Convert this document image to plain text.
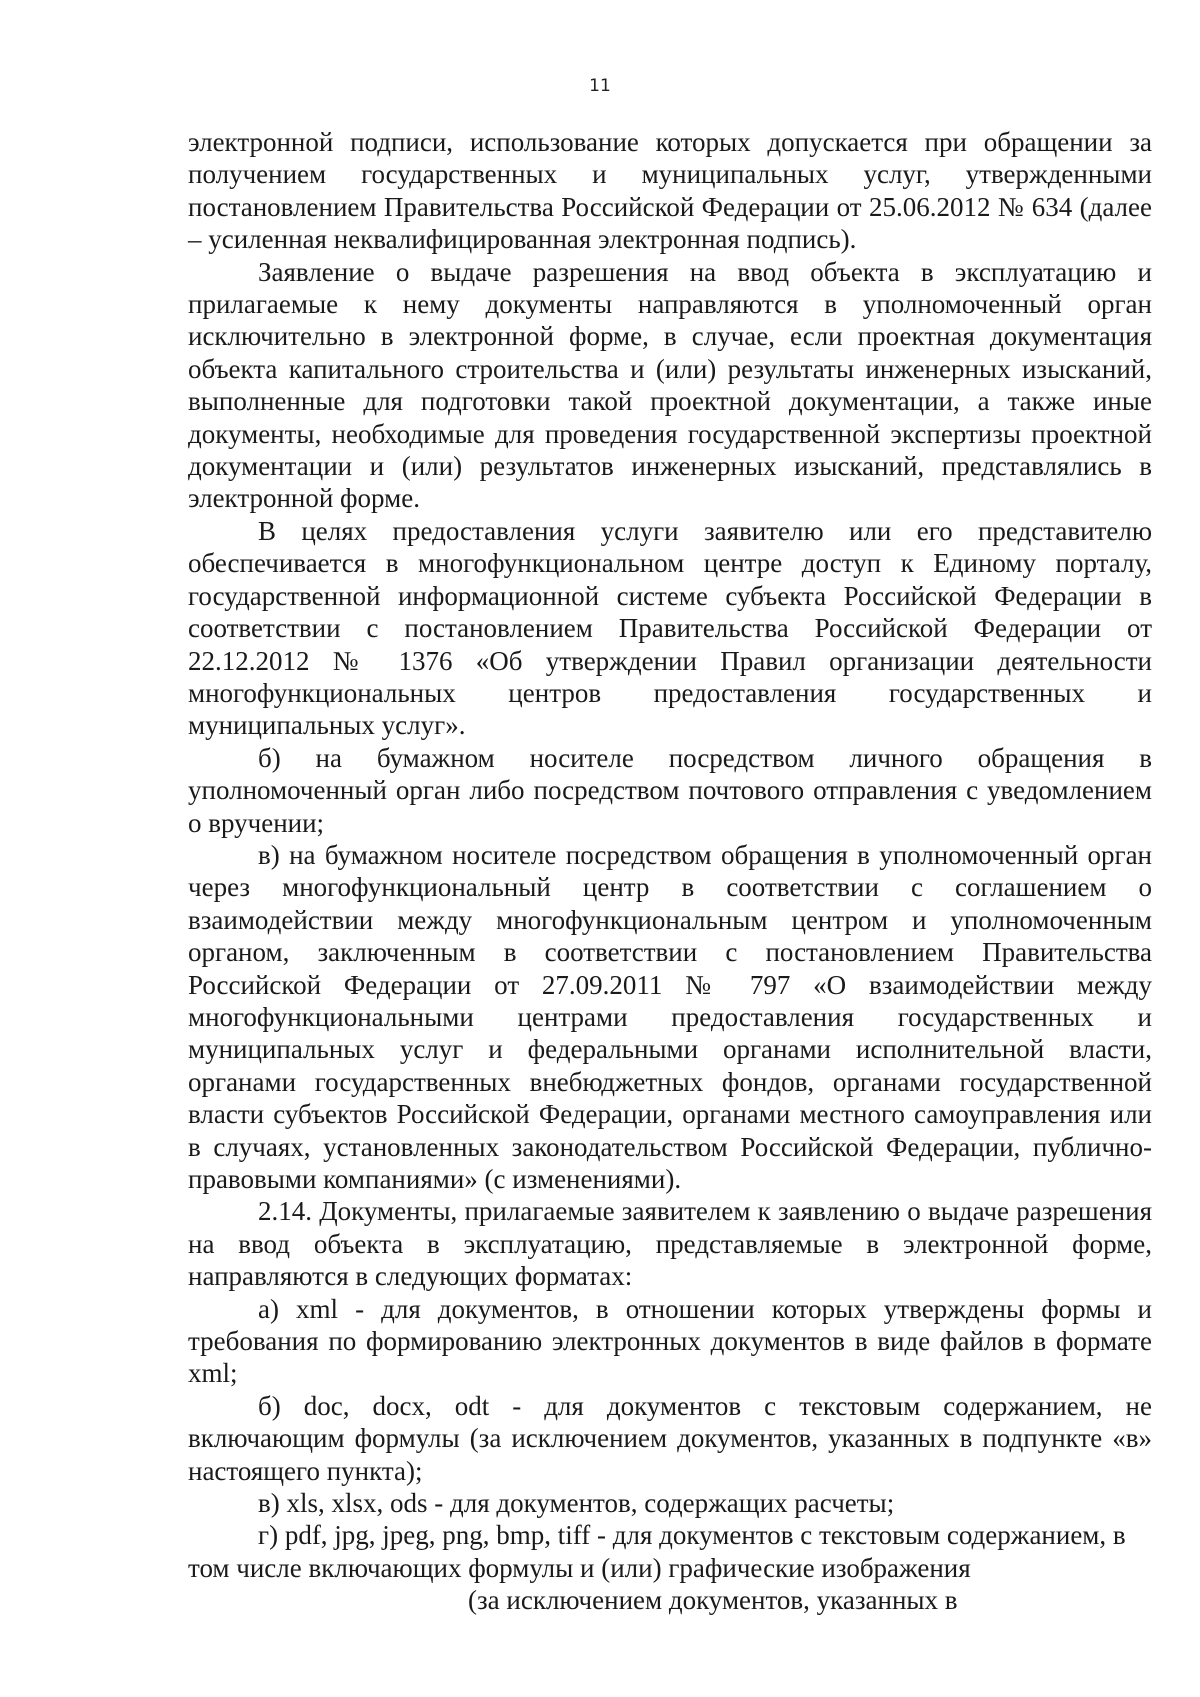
11

электронной подписи, использование которых допускается при обращении за получением государственных и муниципальных услуг, утвержденными постановлением Правительства Российской Федерации от 25.06.2012 № 634 (далее – усиленная неквалифицированная электронная подпись).

Заявление о выдаче разрешения на ввод объекта в эксплуатацию и прилагаемые к нему документы направляются в уполномоченный орган исключительно в электронной форме, в случае, если проектная документация объекта капитального строительства и (или) результаты инженерных изысканий, выполненные для подготовки такой проектной документации, а также иные документы, необходимые для проведения государственной экспертизы проектной документации и (или) результатов инженерных изысканий, представлялись в электронной форме.

В целях предоставления услуги заявителю или его представителю обеспечивается в многофункциональном центре доступ к Единому порталу, государственной информационной системе субъекта Российской Федерации в соответствии с постановлением Правительства Российской Федерации от 22.12.2012 № 1376 «Об утверждении Правил организации деятельности многофункциональных центров предоставления государственных и муниципальных услуг».

б) на бумажном носителе посредством личного обращения в уполномоченный орган либо посредством почтового отправления с уведомлением о вручении;

в) на бумажном носителе посредством обращения в уполномоченный орган через многофункциональный центр в соответствии с соглашением о взаимодействии между многофункциональным центром и уполномоченным органом, заключенным в соответствии с постановлением Правительства Российской Федерации от 27.09.2011 № 797 «О взаимодействии между многофункциональными центрами предоставления государственных и муниципальных услуг и федеральными органами исполнительной власти, органами государственных внебюджетных фондов, органами государственной власти субъектов Российской Федерации, органами местного самоуправления или в случаях, установленных законодательством Российской Федерации, публично-правовыми компаниями» (с изменениями).

2.14. Документы, прилагаемые заявителем к заявлению о выдаче разрешения на ввод объекта в эксплуатацию, представляемые в электронной форме, направляются в следующих форматах:

а) xml - для документов, в отношении которых утверждены формы и требования по формированию электронных документов в виде файлов в формате xml;

б) doc, docx, odt - для документов с текстовым содержанием, не включающим формулы (за исключением документов, указанных в подпункте «в» настоящего пункта);

в) xls, xlsx, ods - для документов, содержащих расчеты;

г) pdf, jpg, jpeg, png, bmp, tiff - для документов с текстовым содержанием, в том числе включающих формулы и (или) графические изображения(за исключением документов, указанных в
